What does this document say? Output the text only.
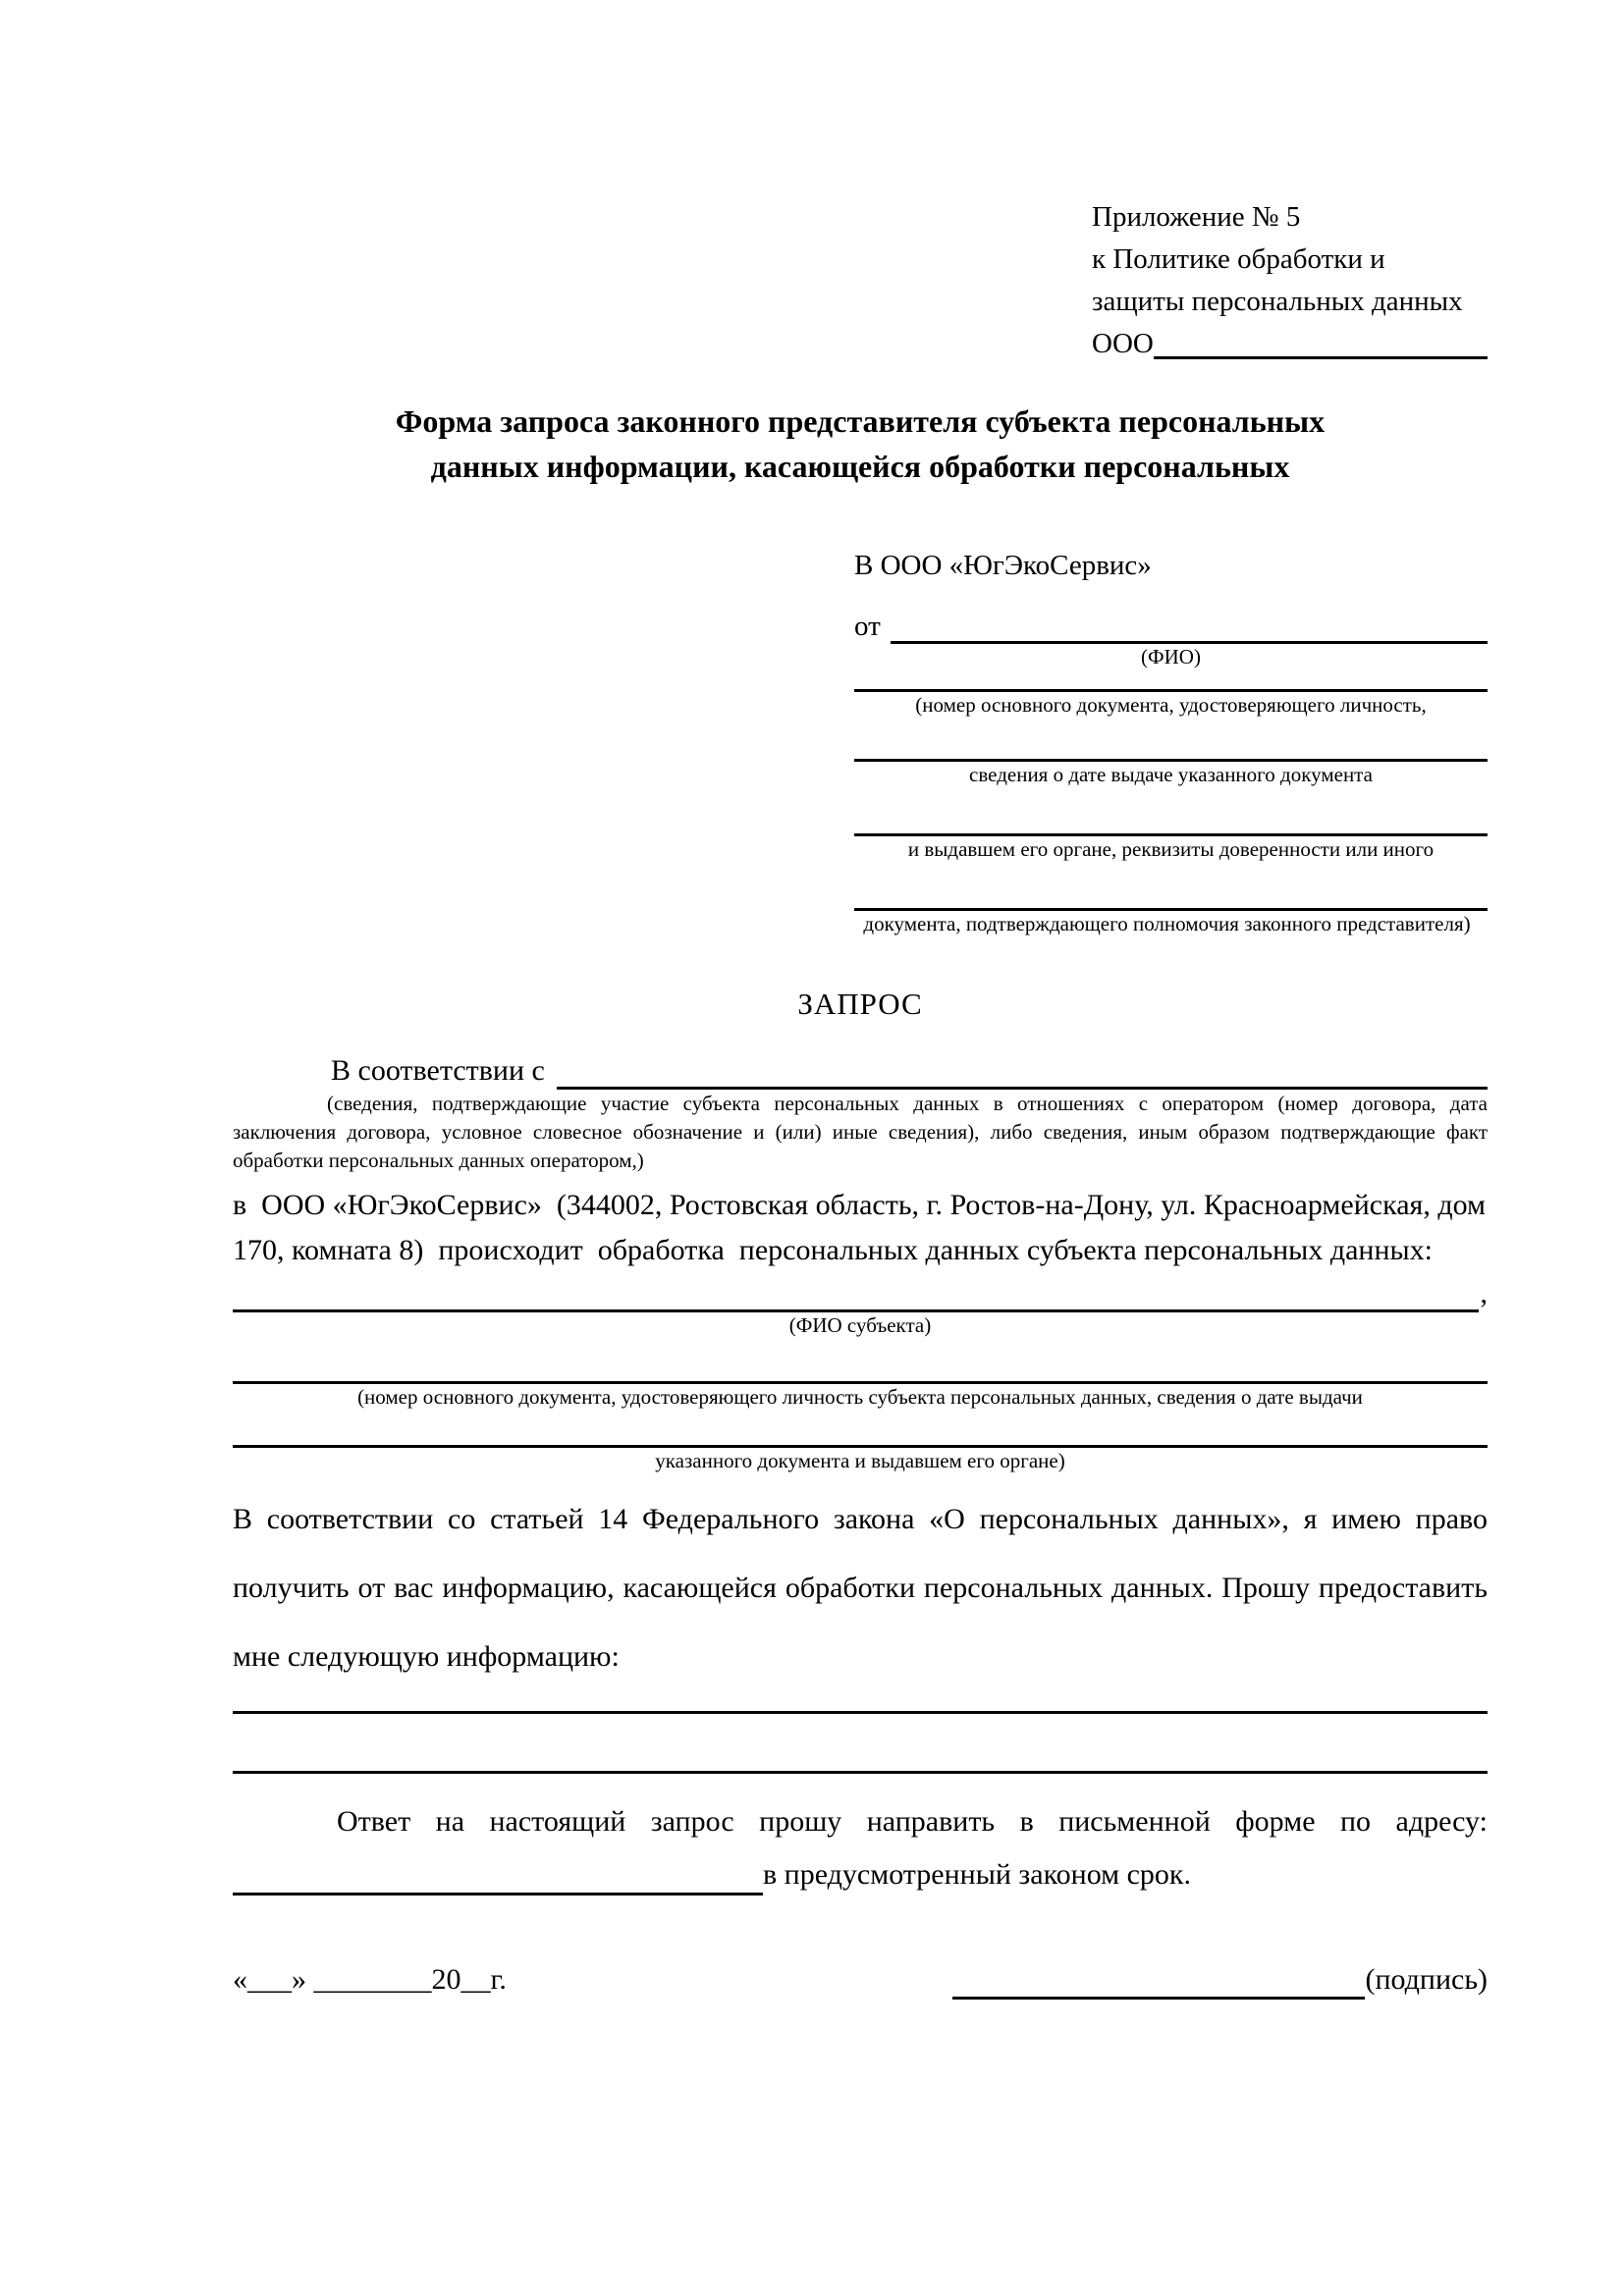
Приложение № 5
к Политике обработки и
защиты персональных данных
ООО
Форма запроса законного представителя субъекта персональных
данных информации, касающейся обработки персональных
В ООО «ЮгЭкоСервис»
от
(ФИО)
(номер основного документа, удостоверяющего личность,
сведения о дате выдаче указанного документа
и выдавшем его органе, реквизиты доверенности или иного
документа, подтверждающего полномочия законного представителя)
ЗАПРОС
В соответствии с
(сведения, подтверждающие участие субъекта персональных данных в отношениях с оператором (номер договора, дата заключения договора, условное словесное обозначение и (или) иные сведения), либо сведения, иным образом подтверждающие факт обработки персональных данных оператором,)
в  ООО «ЮгЭкоСервис»  (344002, Ростовская область, г. Ростов-на-Дону, ул. Красноармейская, дом 170, комната 8)  происходит  обработка  персональных данных субъекта персональных данных:
,
(ФИО субъекта)
(номер основного документа, удостоверяющего личность субъекта персональных данных, сведения о дате выдачи
указанного документа и выдавшем его органе)
В соответствии со статьей 14 Федерального закона «О персональных данных», я имею право получить от вас информацию, касающейся обработки персональных данных. Прошу предоставить мне следующую информацию:
Ответ на настоящий запрос прошу направить в письменной форме по адресу:
в предусмотренный законом срок.
«___» ________20__г.	(подпись)
